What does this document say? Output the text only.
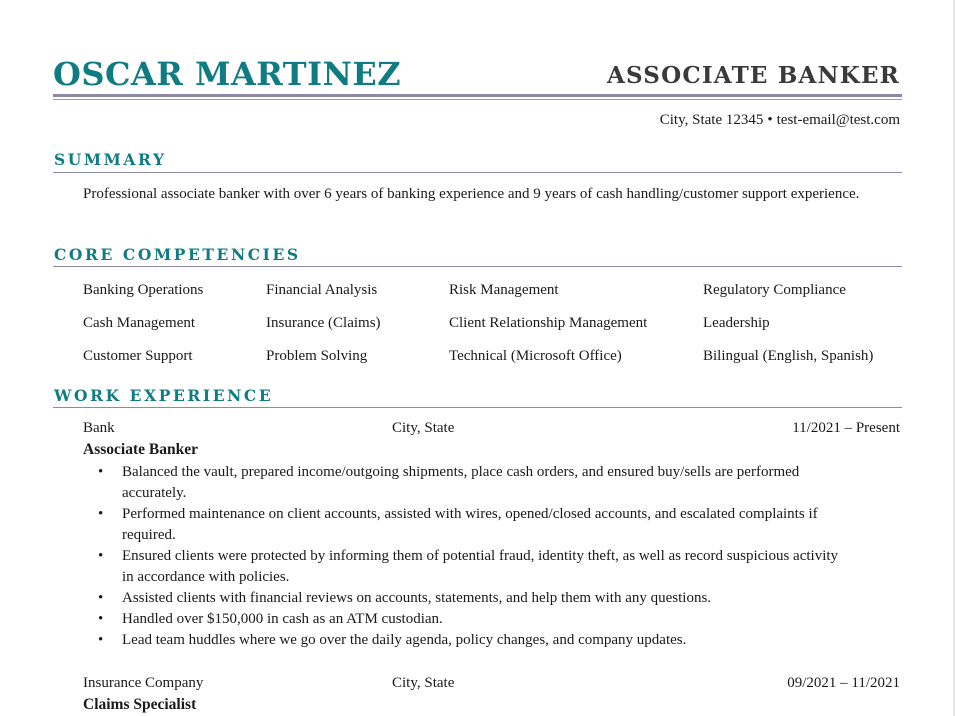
OSCAR MARTINEZ	ASSOCIATE BANKER
City, State 12345 • test-email@test.com
SUMMARY

Professional associate banker with over 6 years of banking experience and 9 years of cash handling/customer support experience.

CORE COMPETENCIES
Banking Operations	Financial Analysis	Risk Management	Regulatory Compliance
Cash Management	Insurance (Claims)	Client Relationship Management	Leadership
Customer Support	Problem Solving	Technical (Microsoft Office)	Bilingual (English, Spanish)
WORK EXPERIENCE
Bank	City, State	11/2021 – Present

Associate Banker

• Balanced the vault, prepared income/outgoing shipments, place cash orders, and ensured buy/sells are performed accurately.
• Performed maintenance on client accounts, assisted with wires, opened/closed accounts, and escalated complaints if required.
• Ensured clients were protected by informing them of potential fraud, identity theft, as well as record suspicious activity in accordance with policies.
• Assisted clients with financial reviews on accounts, statements, and help them with any questions.
• Handled over $150,000 in cash as an ATM custodian.
• Lead team huddles where we go over the daily agenda, policy changes, and company updates.
Insurance Company	City, State	09/2021 – 11/2021

Claims Specialist
